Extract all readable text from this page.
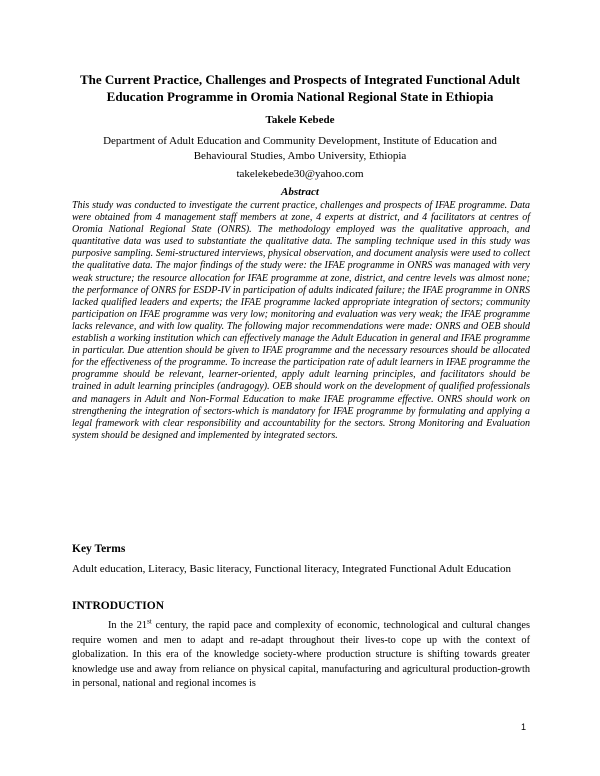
The Current Practice, Challenges and Prospects of Integrated Functional Adult Education Programme in Oromia National Regional State in Ethiopia
Takele Kebede
Department of Adult Education and Community Development, Institute of Education and Behavioural Studies, Ambo University, Ethiopia
takelekebede30@yahoo.com
Abstract

This study was conducted to investigate the current practice, challenges and prospects of IFAE programme. Data were obtained from 4 management staff members at zone, 4 experts at district, and 4 facilitators at centres of Oromia National Regional State (ONRS). The methodology employed was the qualitative approach, and quantitative data was used to substantiate the qualitative data. The sampling technique used in this study was purposive sampling. Semi-structured interviews, physical observation, and document analysis were used to collect the qualitative data. The major findings of the study were: the IFAE programme in ONRS was managed with very weak structure; the resource allocation for IFAE programme at zone, district, and centre levels was almost none; the performance of ONRS for ESDP-IV in participation of adults indicated failure; the IFAE programme in ONRS lacked qualified leaders and experts; the IFAE programme lacked appropriate integration of sectors; community participation on IFAE programme was very low; monitoring and evaluation was very weak; the IFAE programme lacks relevance, and with low quality. The following major recommendations were made: ONRS and OEB should establish a working institution which can effectively manage the Adult Education in general and IFAE programme in particular. Due attention should be given to IFAE programme and the necessary resources should be allocated for the effectiveness of the programme. To increase the participation rate of adult learners in IFAE programme the programme should be relevant, learner-oriented, apply adult learning principles, and facilitators should be trained in adult learning principles (andragogy). OEB should work on the development of qualified professionals and managers in Adult and Non-Formal Education to make IFAE programme effective. ONRS should work on strengthening the integration of sectors-which is mandatory for IFAE programme by formulating and applying a legal framework with clear responsibility and accountability for the sectors. Strong Monitoring and Evaluation system should be designed and implemented by integrated sectors.

Key Terms

Adult education, Literacy, Basic literacy, Functional literacy, Integrated Functional Adult Education

INTRODUCTION

In the 21st century, the rapid pace and complexity of economic, technological and cultural changes require women and men to adapt and re-adapt throughout their lives-to cope up with the context of globalization. In this era of the knowledge society-where production structure is shifting towards greater knowledge use and away from reliance on physical capital, manufacturing and agricultural production-growth in personal, national and regional incomes is

1
